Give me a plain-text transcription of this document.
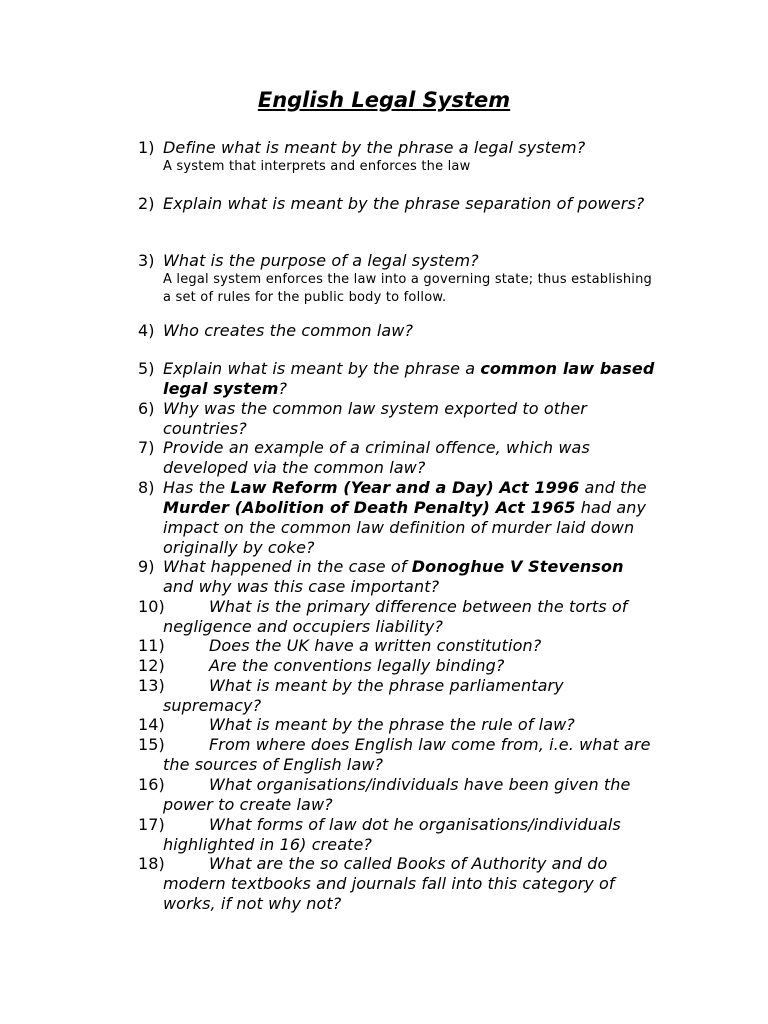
English Legal System
1) Define what is meant by the phrase a legal system?
A system that interprets and enforces the law
2) Explain what is meant by the phrase separation of powers?
3) What is the purpose of a legal system?
A legal system enforces the law into a governing state; thus establishing a set of rules for the public body to follow.
4) Who creates the common law?
5) Explain what is meant by the phrase a common law based legal system?
6) Why was the common law system exported to other countries?
7) Provide an example of a criminal offence, which was developed via the common law?
8) Has the Law Reform (Year and a Day) Act 1996 and the Murder (Abolition of Death Penalty) Act 1965 had any impact on the common law definition of murder laid down originally by coke?
9) What happened in the case of Donoghue V Stevenson and why was this case important?
10)	What is the primary difference between the torts of negligence and occupiers liability?
11)	Does the UK have a written constitution?
12)	Are the conventions legally binding?
13)	What is meant by the phrase parliamentary supremacy?
14)	What is meant by the phrase the rule of law?
15)	From where does English law come from, i.e. what are the sources of English law?
16)	What organisations/individuals have been given the power to create law?
17)	What forms of law dot he organisations/individuals highlighted in 16) create?
18)	What are the so called Books of Authority and do modern textbooks and journals fall into this category of works, if not why not?
